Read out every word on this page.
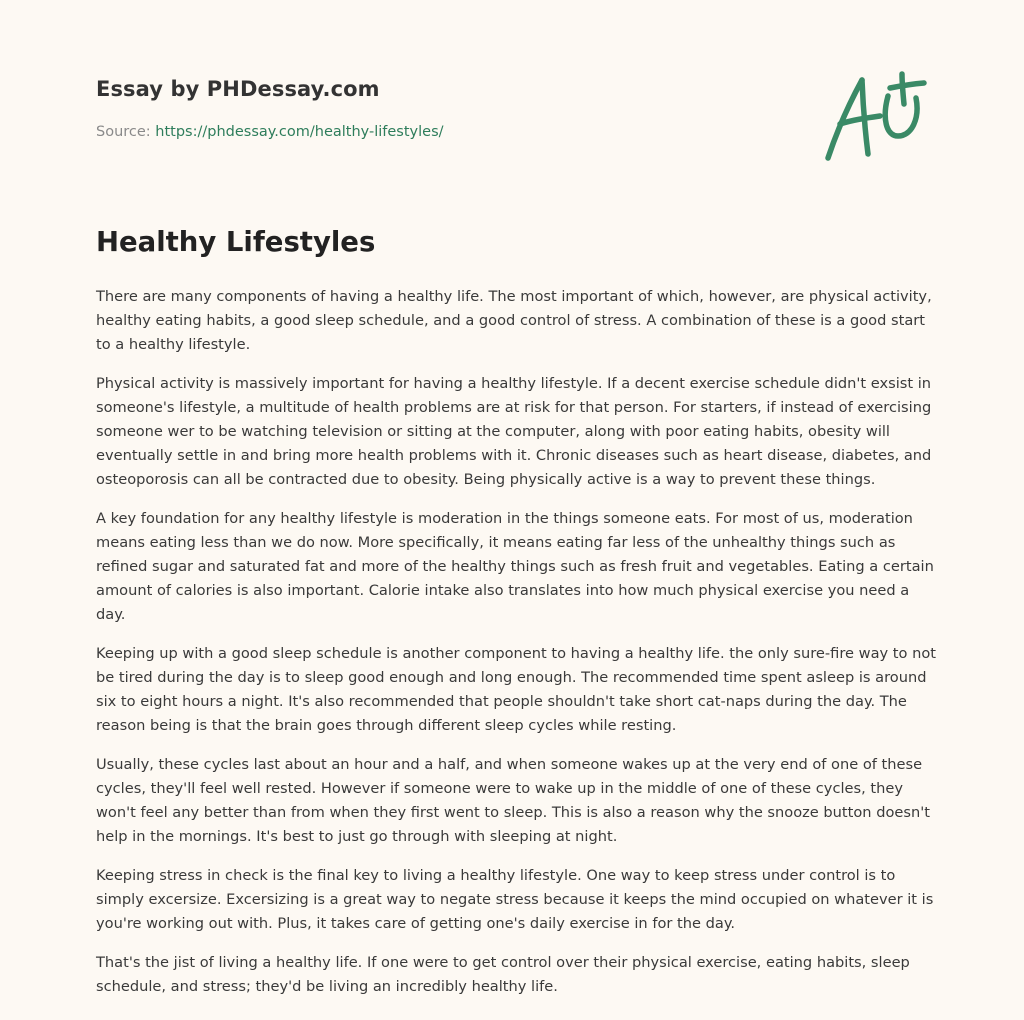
Essay by PHDessay.com
Source: https://phdessay.com/healthy-lifestyles/
Healthy Lifestyles

There are many components of having a healthy life. The most important of which, however, are physical activity, healthy eating habits, a good sleep schedule, and a good control of stress. A combination of these is a good start to a healthy lifestyle.

Physical activity is massively important for having a healthy lifestyle. If a decent exercise schedule didn't exsist in someone's lifestyle, a multitude of health problems are at risk for that person. For starters, if instead of exercising someone wer to be watching television or sitting at the computer, along with poor eating habits, obesity will eventually settle in and bring more health problems with it. Chronic diseases such as heart disease, diabetes, and osteoporosis can all be contracted due to obesity. Being physically active is a way to prevent these things.

A key foundation for any healthy lifestyle is moderation in the things someone eats. For most of us, moderation means eating less than we do now. More specifically, it means eating far less of the unhealthy things such as refined sugar and saturated fat and more of the healthy things such as fresh fruit and vegetables. Eating a certain amount of calories is also important. Calorie intake also translates into how much physical exercise you need a day.

Keeping up with a good sleep schedule is another component to having a healthy life. the only sure-fire way to not be tired during the day is to sleep good enough and long enough. The recommended time spent asleep is around six to eight hours a night. It's also recommended that people shouldn't take short cat-naps during the day. The reason being is that the brain goes through different sleep cycles while resting.

Usually, these cycles last about an hour and a half, and when someone wakes up at the very end of one of these cycles, they'll feel well rested. However if someone were to wake up in the middle of one of these cycles, they won't feel any better than from when they first went to sleep. This is also a reason why the snooze button doesn't help in the mornings. It's best to just go through with sleeping at night.

Keeping stress in check is the final key to living a healthy lifestyle. One way to keep stress under control is to simply excersize. Excersizing is a great way to negate stress because it keeps the mind occupied on whatever it is you're working out with. Plus, it takes care of getting one's daily exercise in for the day.

That's the jist of living a healthy life. If one were to get control over their physical exercise, eating habits, sleep schedule, and stress; they'd be living an incredibly healthy life.
